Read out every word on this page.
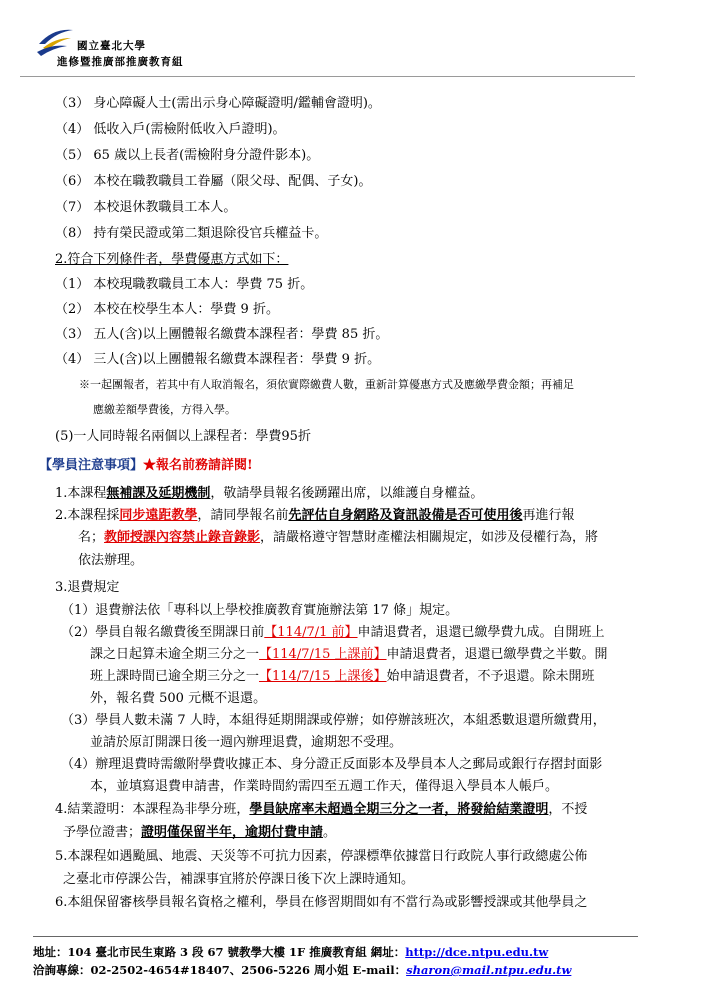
國立臺北大學
進修暨推廣部推廣教育組
（3） 身心障礙人士(需出示身心障礙證明/鑑輔會證明)。
（4） 低收入戶(需檢附低收入戶證明)。
（5） 65 歲以上長者(需檢附身分證件影本)。
（6） 本校在職教職員工眷屬（限父母、配偶、子女)。
（7） 本校退休教職員工本人。
（8） 持有榮民證或第二類退除役官兵權益卡。
2.符合下列條件者，學費優惠方式如下：
（1） 本校現職教職員工本人：學費 75 折。
（2） 本校在校學生本人：學費 9 折。
（3） 五人(含)以上團體報名繳費本課程者：學費 85 折。
（4） 三人(含)以上團體報名繳費本課程者：學費 9 折。
※一起團報者，若其中有人取消報名，須依實際繳費人數，重新計算優惠方式及應繳學費金額；再補足
應繳差額學費後，方得入學。
(5)一人同時報名兩個以上課程者：學費95折
【學員注意事項】★報名前務請詳閱!
1.本課程無補課及延期機制，敬請學員報名後踴躍出席，以維護自身權益。
2.本課程採同步遠距教學，請同學報名前先評估自身網路及資訊設備是否可使用後再進行報
名；教師授課內容禁止錄音錄影，請嚴格遵守智慧財產權法相關規定，如涉及侵權行為，將
依法辦理。
3.退費規定
（1）退費辦法依「專科以上學校推廣教育實施辦法第 17 條」規定。
（2）學員自報名繳費後至開課日前【114/7/1 前】申請退費者，退還已繳學費九成。自開班上
課之日起算未逾全期三分之一【114/7/15 上課前】申請退費者，退還已繳學費之半數。開
班上課時間已逾全期三分之一【114/7/15 上課後】始申請退費者，不予退還。除未開班
外，報名費 500 元概不退還。
（3）學員人數未滿 7 人時，本組得延期開課或停辦；如停辦該班次，本組悉數退還所繳費用，
並請於原訂開課日後一週內辦理退費，逾期恕不受理。
（4）辦理退費時需繳附學費收據正本、身分證正反面影本及學員本人之郵局或銀行存摺封面影
本，並填寫退費申請書，作業時間約需四至五週工作天，僅得退入學員本人帳戶。
4.結業證明：本課程為非學分班，學員缺席率未超過全期三分之一者，將發給結業證明，不授
予學位證書；證明僅保留半年，逾期付費申請。
5.本課程如遇颱風、地震、天災等不可抗力因素，停課標準依據當日行政院人事行政總處公佈
之臺北市停課公告，補課事宜將於停課日後下次上課時通知。
6.本組保留審核學員報名資格之權利，學員在修習期間如有不當行為或影響授課或其他學員之
地址：104 臺北市民生東路 3 段 67 號教學大樓 1F 推廣教育組 網址：http://dce.ntpu.edu.tw
洽詢專線：02-2502-4654#18407、2506-5226 周小姐 E-mail：sharon@mail.ntpu.edu.tw
